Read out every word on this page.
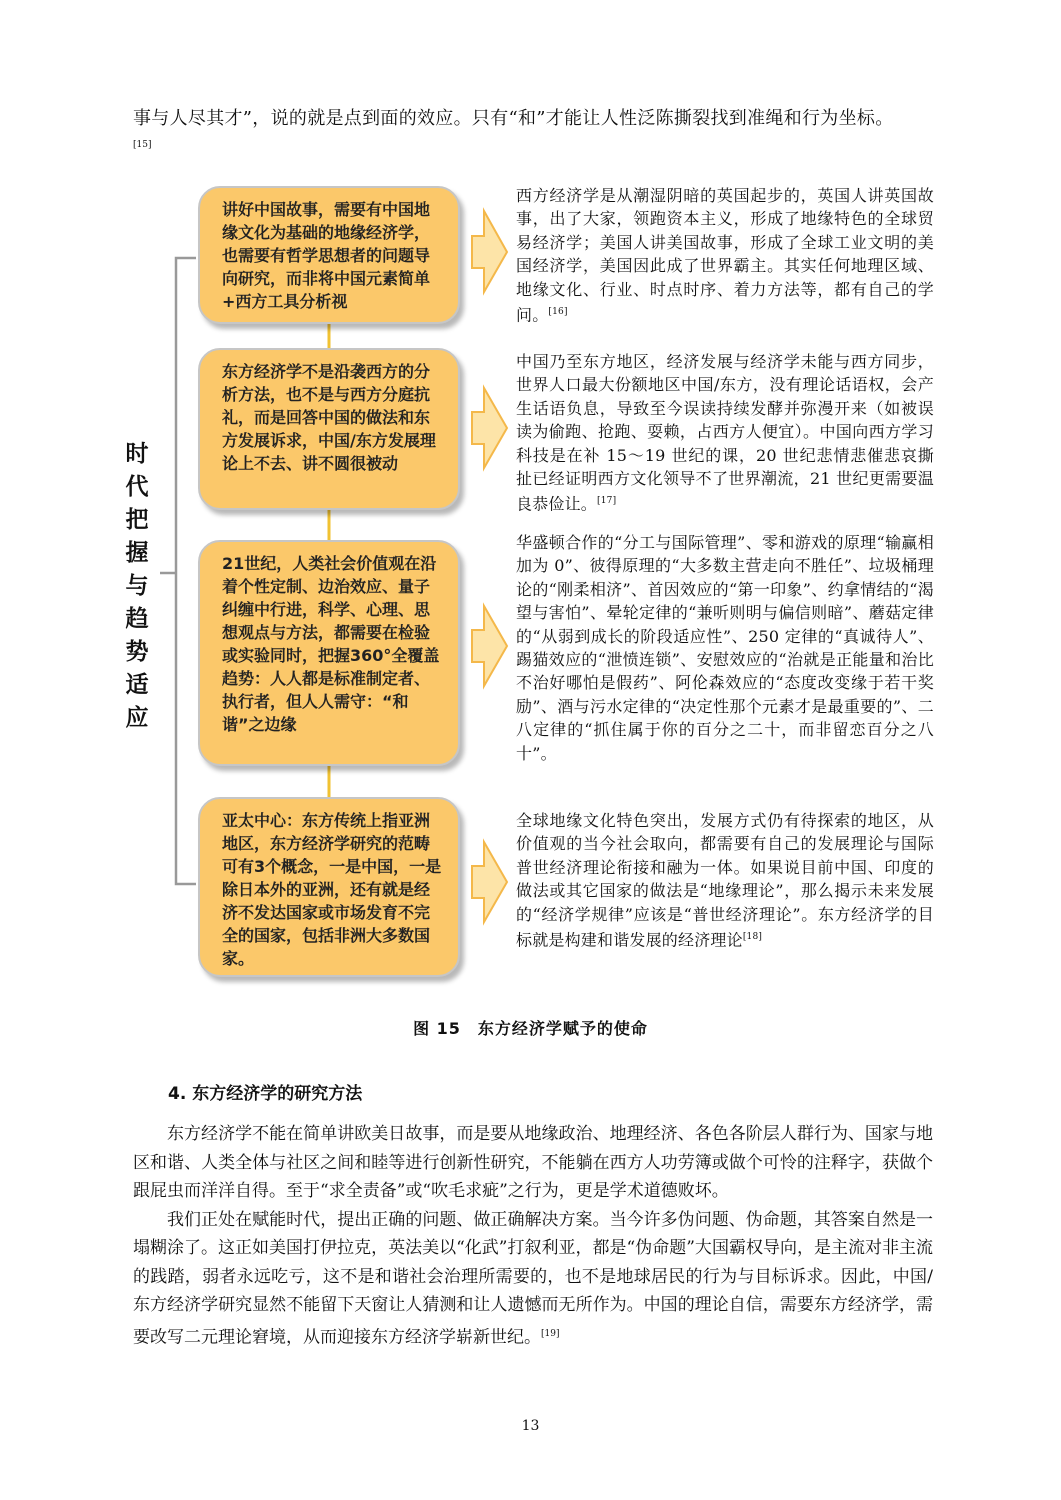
事与人尽其才”，说的就是点到面的效应。只有“和”才能让人性泛陈撕裂找到准绳和行为坐标。
[15]
时
代
把
握
与
趋
势
适
应
讲好中国故事，需要有中国地缘文化为基础的地缘经济学，也需要有哲学思想者的问题导向研究，而非将中国元素简单+西方工具分析视
东方经济学不是沿袭西方的分析方法，也不是与西方分庭抗礼，而是回答中国的做法和东方发展诉求，中国/东方发展理论上不去、讲不圆很被动
21世纪，人类社会价值观在沿着个性定制、边治效应、量子纠缠中行进，科学、心理、思想观点与方法，都需要在检验或实验同时，把握360°全覆盖趋势：人人都是标准制定者、执行者，但人人需守：“和谐”之边缘
亚太中心：东方传统上指亚洲地区，东方经济学研究的范畴可有3个概念，一是中国，一是除日本外的亚洲，还有就是经济不发达国家或市场发育不完全的国家，包括非洲大多数国家。
西方经济学是从潮湿阴暗的英国起步的，英国人讲英国故事，出了大家，领跑资本主义，形成了地缘特色的全球贸易经济学；美国人讲美国故事，形成了全球工业文明的美国经济学，美国因此成了世界霸主。其实任何地理区域、地缘文化、行业、时点时序、着力方法等，都有自己的学问。[16]
中国乃至东方地区，经济发展与经济学未能与西方同步，世界人口最大份额地区中国/东方，没有理论话语权，会产生话语负息，导致至今误读持续发酵并弥漫开来（如被误读为偷跑、抢跑、耍赖，占西方人便宜）。中国向西方学习科技是在补 15～19 世纪的课，20 世纪悲情悲催悲哀撕扯已经证明西方文化领导不了世界潮流，21 世纪更需要温良恭俭让。[17]
华盛顿合作的“分工与国际管理”、零和游戏的原理“输赢相加为 0”、彼得原理的“大多数主营走向不胜任”、垃圾桶理论的“刚柔相济”、首因效应的“第一印象”、约拿情结的“渴望与害怕”、晕轮定律的“兼听则明与偏信则暗”、蘑菇定律的“从弱到成长的阶段适应性”、250 定律的“真诚待人”、踢猫效应的“泄愤连锁”、安慰效应的“治就是正能量和治比不治好哪怕是假药”、阿伦森效应的“态度改变缘于若干奖励”、酒与污水定律的“决定性那个元素才是最重要的”、二八定律的“抓住属于你的百分之二十，而非留恋百分之八十”。
全球地缘文化特色突出，发展方式仍有待探索的地区，从价值观的当今社会取向，都需要有自己的发展理论与国际普世经济理论衔接和融为一体。如果说目前中国、印度的做法或其它国家的做法是“地缘理论”，那么揭示未来发展的“经济学规律”应该是“普世经济理论”。东方经济学的目标就是构建和谐发展的经济理论[18]
图 15　东方经济学赋予的使命
4. 东方经济学的研究方法

东方经济学不能在简单讲欧美日故事，而是要从地缘政治、地理经济、各色各阶层人群行为、国家与地区和谐、人类全体与社区之间和睦等进行创新性研究，不能躺在西方人功劳簿或做个可怜的注释字，获做个跟屁虫而洋洋自得。至于“求全责备”或“吹毛求疵”之行为，更是学术道德败坏。

我们正处在赋能时代，提出正确的问题、做正确解决方案。当今许多伪问题、伪命题，其答案自然是一塌糊涂了。这正如美国打伊拉克，英法美以“化武”打叙利亚，都是“伪命题”大国霸权导向，是主流对非主流的践踏，弱者永远吃亏，这不是和谐社会治理所需要的，也不是地球居民的行为与目标诉求。因此，中国/东方经济学研究显然不能留下天窗让人猜测和让人遗憾而无所作为。中国的理论自信，需要东方经济学，需要改写二元理论窘境，从而迎接东方经济学崭新世纪。[19]

13
